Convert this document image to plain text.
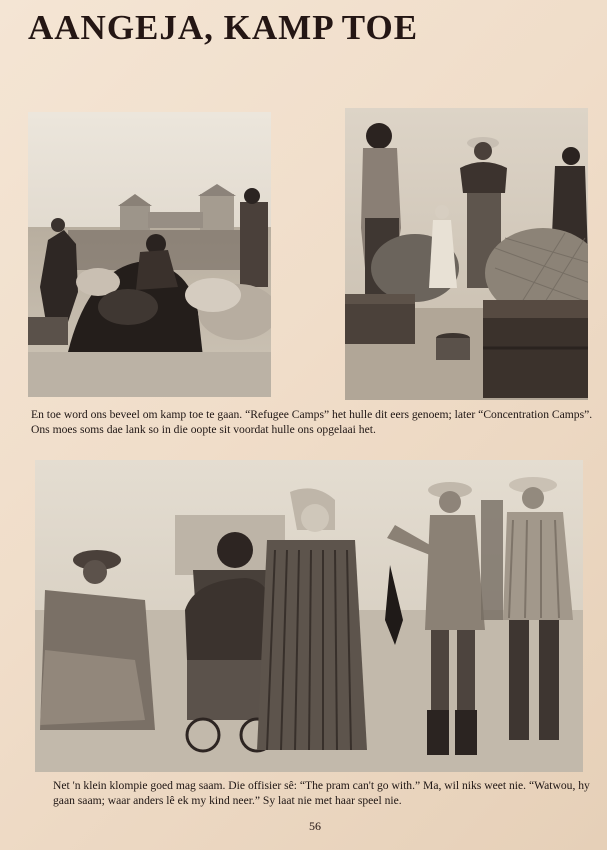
AANGEJA, KAMP TOE

En toe word ons beveel om kamp toe te gaan. “Refugee Camps” het hulle dit eers genoem; later “Concentration Camps”. Ons moes soms dae lank so in die oopte sit voordat hulle ons opgelaai het.

Net 'n klein klompie goed mag saam. Die offisier sê: “The pram can't go with.” Ma, wil niks weet nie. “Watwou, hy gaan saam; waar anders lê ek my kind neer.” Sy laat nie met haar speel nie.

56
